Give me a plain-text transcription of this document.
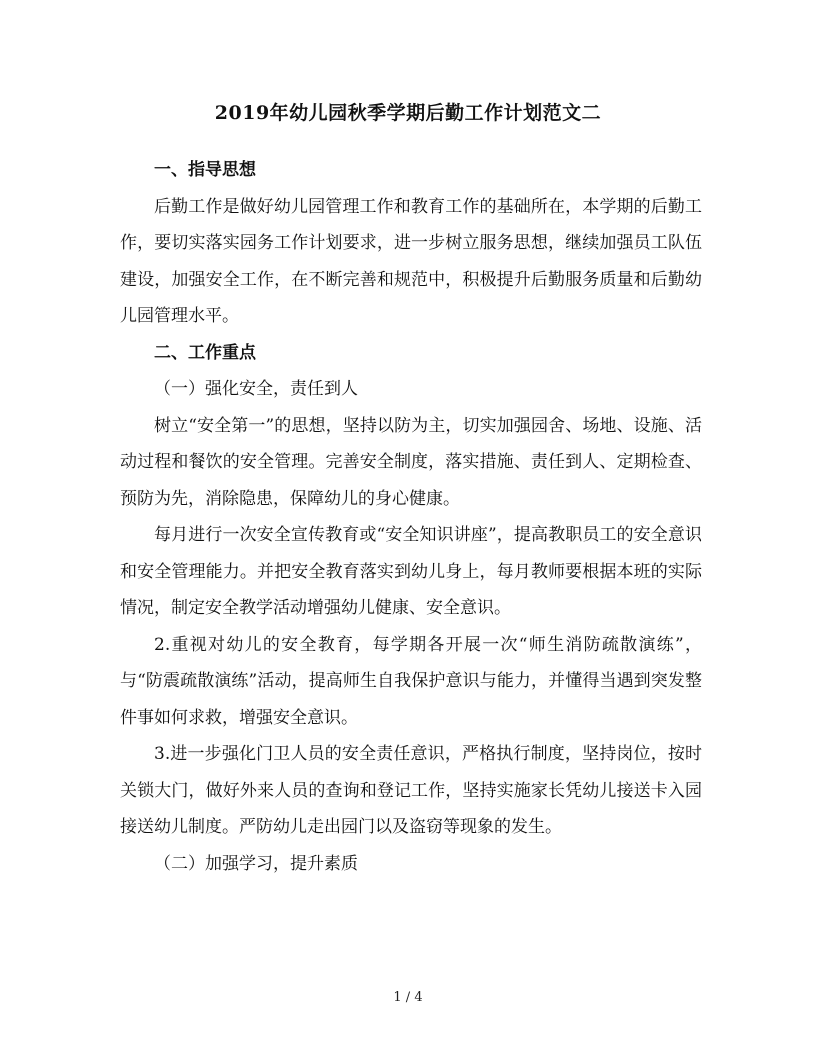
2019年幼儿园秋季学期后勤工作计划范文二

一、指导思想

后勤工作是做好幼儿园管理工作和教育工作的基础所在，本学期的后勤工作，要切实落实园务工作计划要求，进一步树立服务思想，继续加强员工队伍建设，加强安全工作，在不断完善和规范中，积极提升后勤服务质量和后勤幼儿园管理水平。

二、工作重点

（一）强化安全，责任到人

树立“安全第一”的思想，坚持以防为主，切实加强园舍、场地、设施、活动过程和餐饮的安全管理。完善安全制度，落实措施、责任到人、定期检查、预防为先，消除隐患，保障幼儿的身心健康。

每月进行一次安全宣传教育或“安全知识讲座”，提高教职员工的安全意识和安全管理能力。并把安全教育落实到幼儿身上，每月教师要根据本班的实际情况，制定安全教学活动增强幼儿健康、安全意识。

2.重视对幼儿的安全教育，每学期各开展一次“师生消防疏散演练”，与“防震疏散演练”活动，提高师生自我保护意识与能力，并懂得当遇到突发整件事如何求救，增强安全意识。

3.进一步强化门卫人员的安全责任意识，严格执行制度，坚持岗位，按时关锁大门，做好外来人员的查询和登记工作，坚持实施家长凭幼儿接送卡入园接送幼儿制度。严防幼儿走出园门以及盗窃等现象的发生。

（二）加强学习，提升素质

1 / 4
